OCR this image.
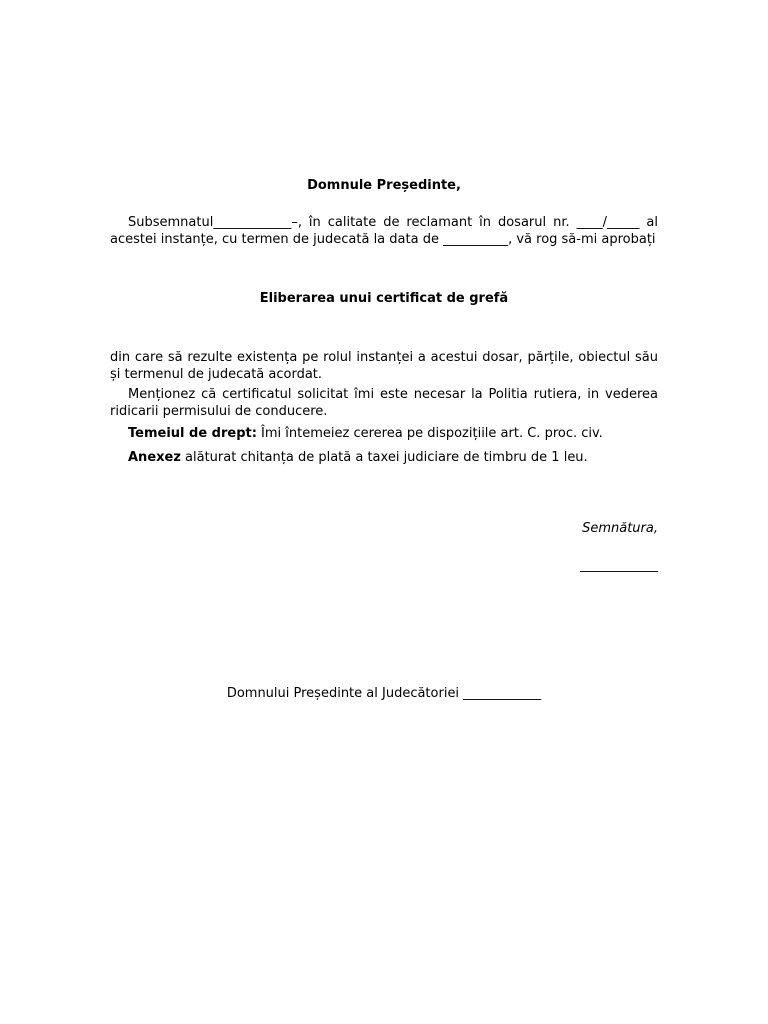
Domnule Președinte,
Subsemnatul____________–, în calitate de reclamant în dosarul nr. ____/_____ al acestei instanțe, cu termen de judecată la data de __________, vă rog să-mi aprobați
Eliberarea unui certificat de grefă
din care să rezulte existența pe rolul instanței a acestui dosar, părțile, obiectul său și termenul de judecată acordat.
Menționez că certificatul solicitat îmi este necesar la Politia rutiera, in vederea ridicarii permisului de conducere.
Temeiul de drept: Îmi întemeiez cererea pe dispozițiile art. C. proc. civ.
Anexez alăturat chitanța de plată a taxei judiciare de timbru de 1 leu.
Semnătura,
____________
Domnului Președinte al Judecătoriei ____________
